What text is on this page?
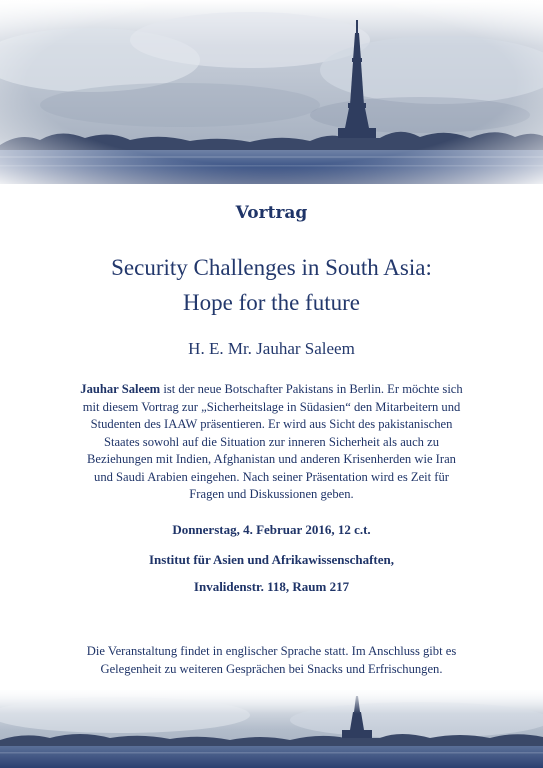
Vortrag
Security Challenges in South Asia:
Hope for the future
H. E. Mr. Jauhar Saleem
Jauhar Saleem ist der neue Botschafter Pakistans in Berlin. Er möchte sich
mit diesem Vortrag zur „Sicherheitslage in Südasien“ den Mitarbeitern und
Studenten des IAAW präsentieren. Er wird aus Sicht des pakistanischen
Staates sowohl auf die Situation zur inneren Sicherheit als auch zu
Beziehungen mit Indien, Afghanistan und anderen Krisenherden wie Iran
und Saudi Arabien eingehen. Nach seiner Präsentation wird es Zeit für
Fragen und Diskussionen geben.
Donnerstag, 4. Februar 2016, 12 c.t.
Institut für Asien und Afrikawissenschaften,
Invalidenstr. 118, Raum 217
Die Veranstaltung findet in englischer Sprache statt. Im Anschluss gibt es
Gelegenheit zu weiteren Gesprächen bei Snacks und Erfrischungen.
